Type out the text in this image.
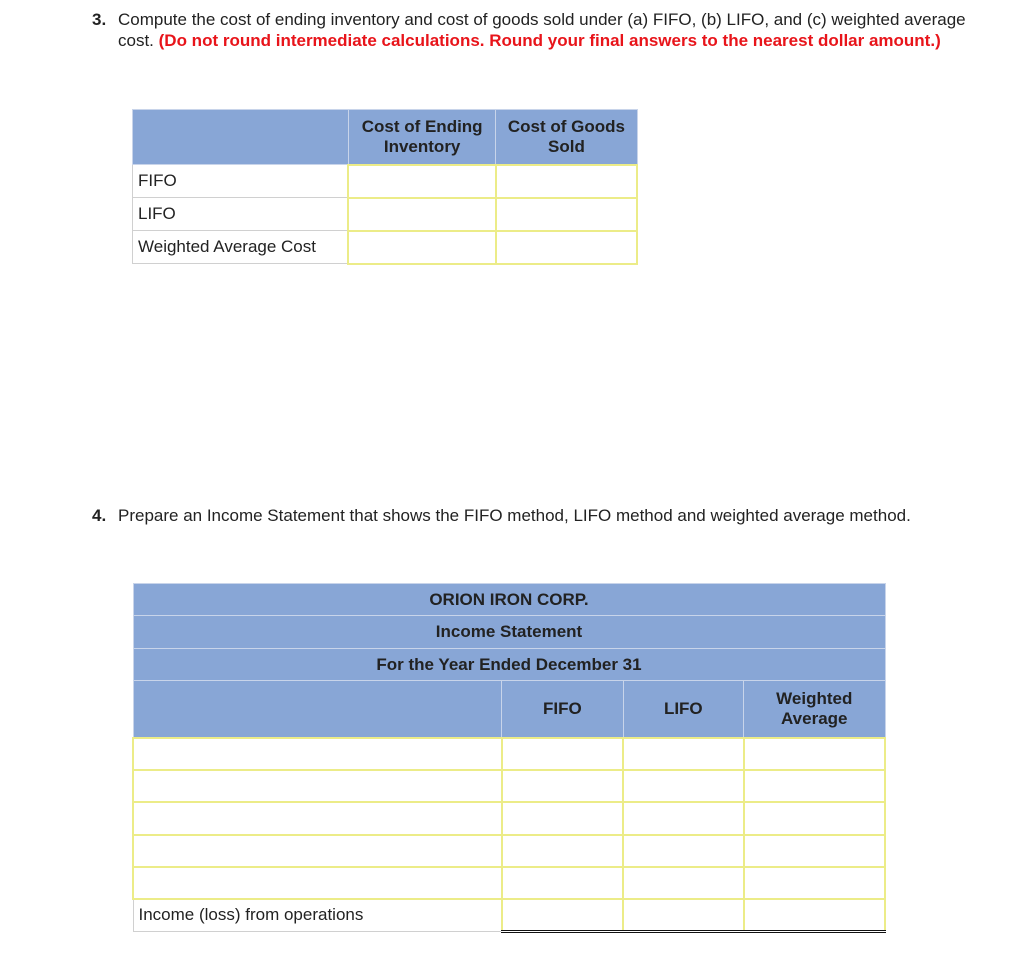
3. Compute the cost of ending inventory and cost of goods sold under (a) FIFO, (b) LIFO, and (c) weighted average cost. (Do not round intermediate calculations. Round your final answers to the nearest dollar amount.)
	Cost of Ending Inventory	Cost of Goods Sold
FIFO	

LIFO	

Weighted Average Cost	

4. Prepare an Income Statement that shows the FIFO method, LIFO method and weighted average method.
ORION IRON CORP.			
Income Statement			
For the Year Ended December 31			
	FIFO	LIFO	Weighted Average

Income (loss) from operations	
